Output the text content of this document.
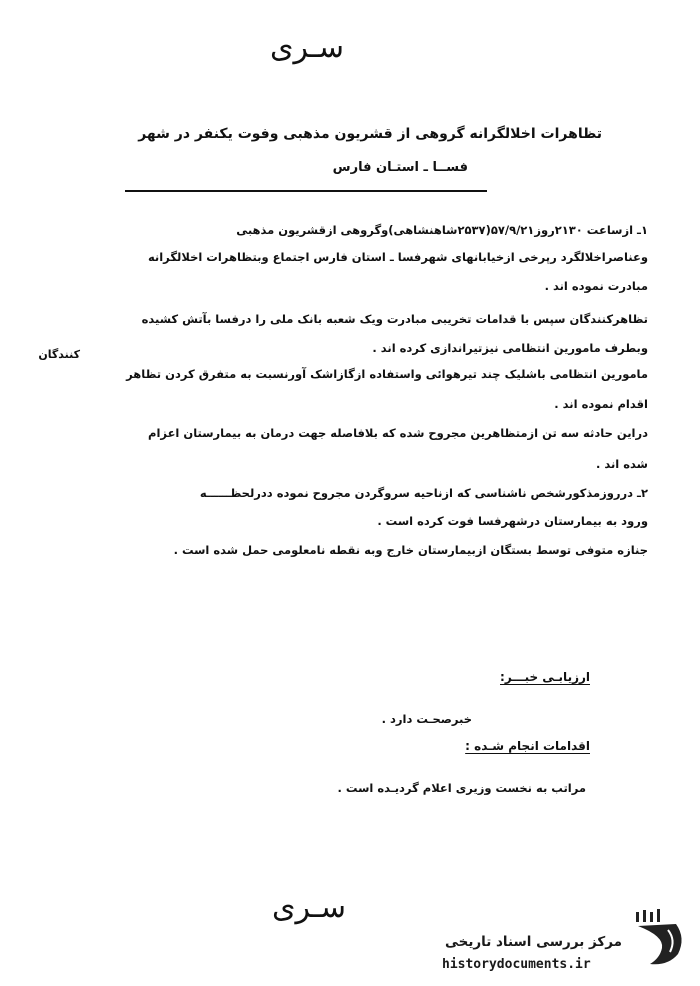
سـری
تظاهرات اخلالگرانه گروهی از قشریون مذهبی وفوت یکنفر در شهر
فســا ـ استـان فارس
۱ـ ازساعت ۲۱۳۰روز۵۷/۹/۲۱(۲۵۳۷شاهنشاهی)وگروهی ازقشریون مذهبی
وعناصراخلالگرد رپرخی ازخیابانهای شهرفسا ـ استان فارس اجتماع وبتظاهرات اخلالگرانه
مبادرت نموده اند .
تظاهرکنندگان سپس با قدامات تخریبی مبادرت ویک شعبه بانک ملی را درفسا بآتش کشیده
وبطرف مامورین انتظامی نیزتیراندازی کرده اند .
کنندگان
مامورین انتظامی باشلیک چند تیرهوائی واستفاده ازگازاشک آورنسبت به متفرق کردن تظاهر
اقدام نموده اند .
دراین حادثه سه تن ازمتظاهرین مجروح شده که بلافاصله جهت درمان به بیمارستان اعزام
شده اند .
۲ـ درروزمذکورشخص ناشناسی که ازناحیه سروگردن مجروح نموده ددرلحظــــــه
ورود به بیمارستان درشهرفسا فوت کرده است .
جنازه متوفی توسط بستگان ازبیمارستان خارج وبه نقطه نامعلومی حمل شده است .
ارزیابـی خبـــر:
خبرصحـت دارد .
اقدامات انجام شـده :
مراتب به نخست وزیری اعلام گردیـده است .
سـری
مرکز بررسی اسناد تاریخی
historydocuments.ir
